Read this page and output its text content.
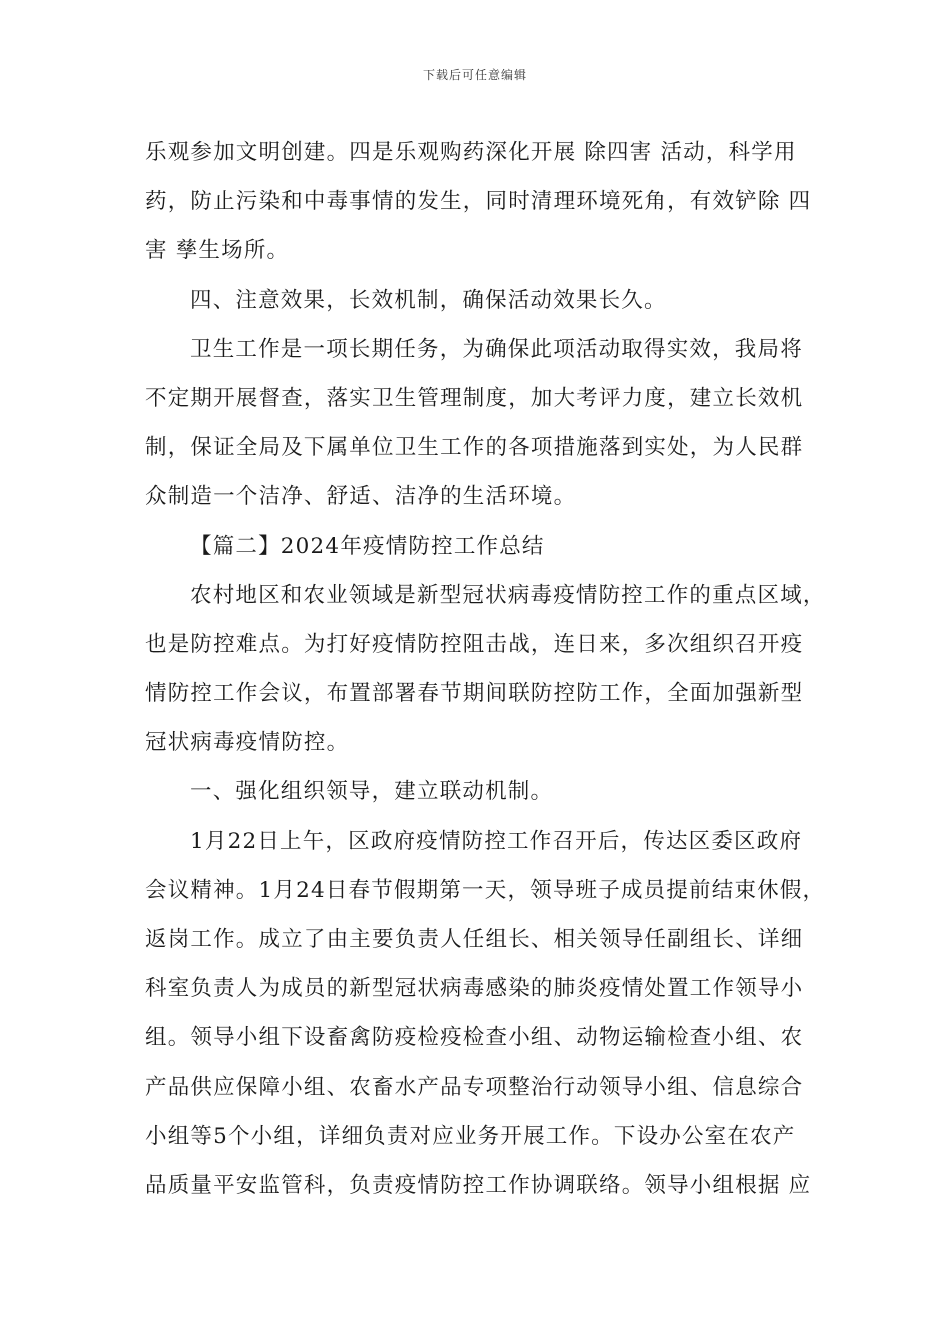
下载后可任意编辑
乐观参加文明创建。四是乐观购药深化开展 除四害 活动，科学用
药，防止污染和中毒事情的发生，同时清理环境死角，有效铲除 四
害 孳生场所。
四、注意效果，长效机制，确保活动效果长久。
卫生工作是一项长期任务，为确保此项活动取得实效，我局将
不定期开展督查，落实卫生管理制度，加大考评力度，建立长效机
制，保证全局及下属单位卫生工作的各项措施落到实处，为人民群
众制造一个洁净、舒适、洁净的生活环境。
【篇二】2024年疫情防控工作总结
农村地区和农业领域是新型冠状病毒疫情防控工作的重点区域，
也是防控难点。为打好疫情防控阻击战，连日来，多次组织召开疫
情防控工作会议，布置部署春节期间联防控防工作，全面加强新型
冠状病毒疫情防控。
一、强化组织领导，建立联动机制。
1月22日上午，区政府疫情防控工作召开后，传达区委区政府
会议精神。1月24日春节假期第一天，领导班子成员提前结束休假，
返岗工作。成立了由主要负责人任组长、相关领导任副组长、详细
科室负责人为成员的新型冠状病毒感染的肺炎疫情处置工作领导小
组。领导小组下设畜禽防疫检疫检查小组、动物运输检查小组、农
产品供应保障小组、农畜水产品专项整治行动领导小组、信息综合
小组等5个小组，详细负责对应业务开展工作。下设办公室在农产
品质量平安监管科，负责疫情防控工作协调联络。领导小组根据 应
